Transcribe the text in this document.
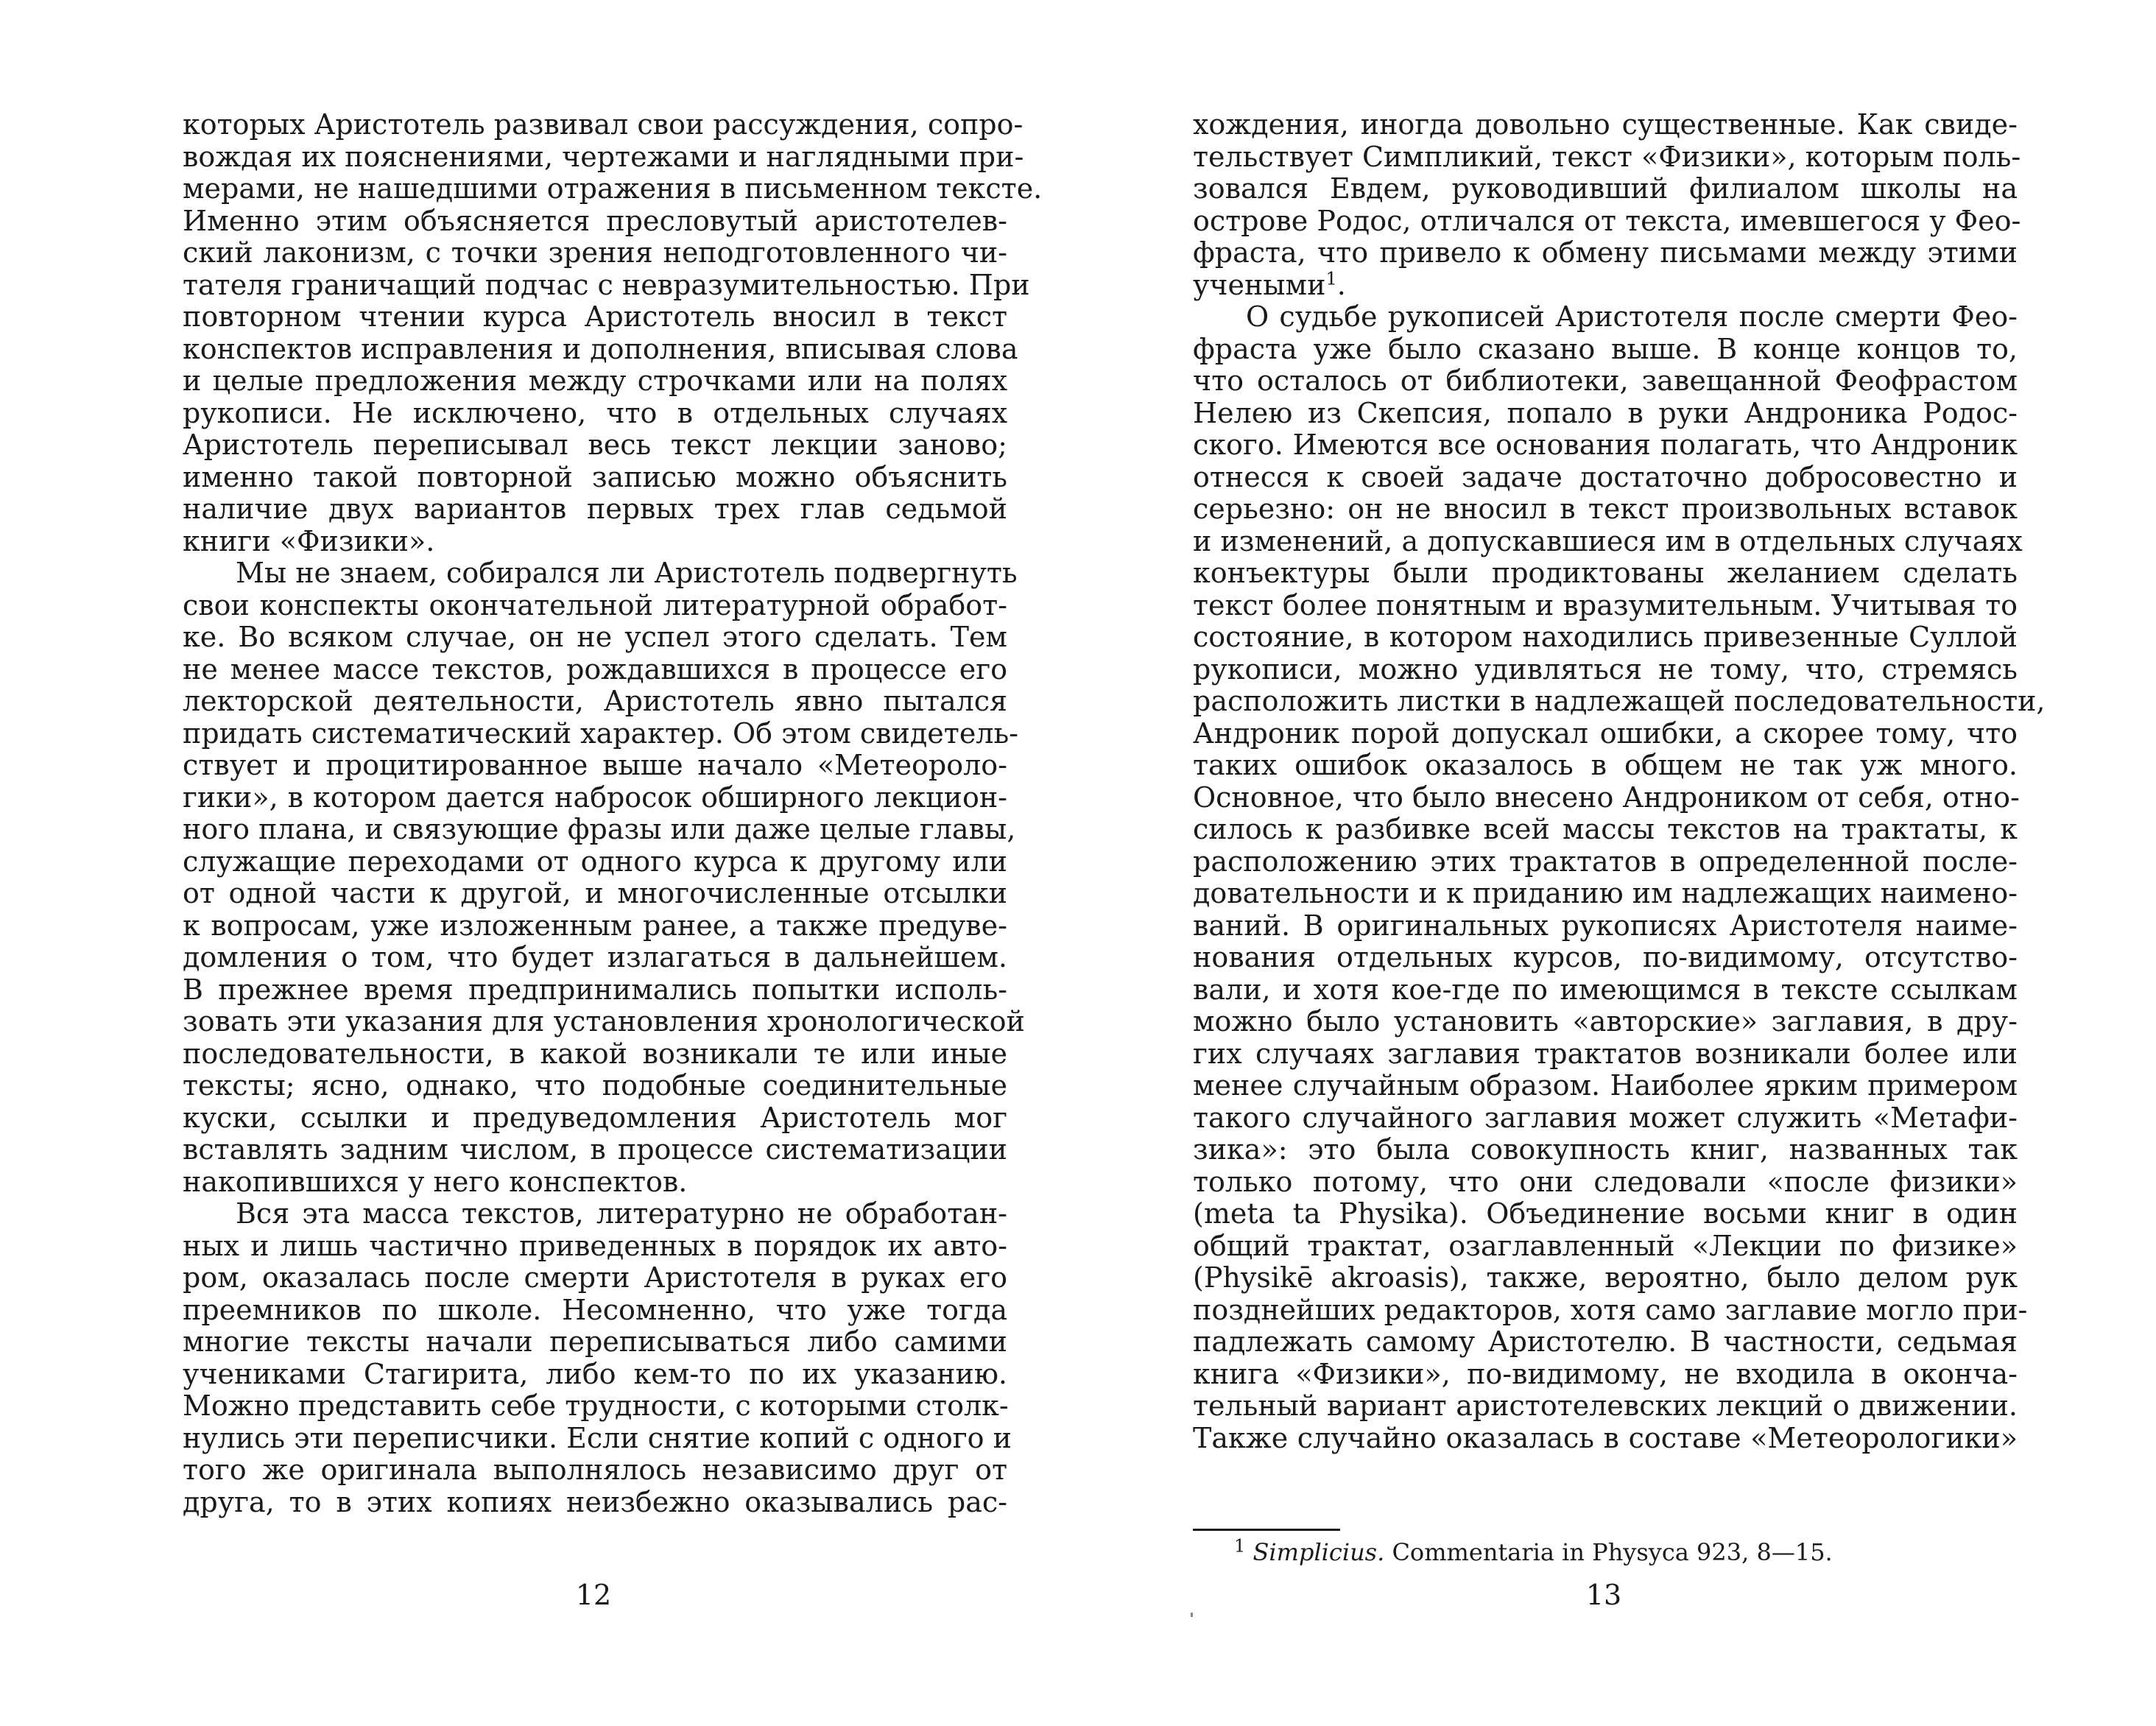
которых Аристотель развивал свои рассуждения, сопро-
вождая их пояснениями, чертежами и наглядными при-
мерами, не нашедшими отражения в письменном тексте.
Именно этим объясняется пресловутый аристотелев-
ский лаконизм, с точки зрения неподготовленного чи-
тателя граничащий подчас с невразумительностью. При
повторном чтении курса Аристотель вносил в текст
конспектов исправления и дополнения, вписывая слова
и целые предложения между строчками или на полях
рукописи. Не исключено, что в отдельных случаях
Аристотель переписывал весь текст лекции заново;
именно такой повторной записью можно объяснить
наличие двух вариантов первых трех глав седьмой
книги «Физики».

Мы не знаем, собирался ли Аристотель подвергнуть
свои конспекты окончательной литературной обработ-
ке. Во всяком случае, он не успел этого сделать. Тем
не менее массе текстов, рождавшихся в процессе его
лекторской деятельности, Аристотель явно пытался
придать систематический характер. Об этом свидетель-
ствует и процитированное выше начало «Метеороло-
гики», в котором дается набросок обширного лекцион-
ного плана, и связующие фразы или даже целые главы,
служащие переходами от одного курса к другому или
от одной части к другой, и многочисленные отсылки
к вопросам, уже изложенным ранее, а также предуве-
домления о том, что будет излагаться в дальнейшем.
В прежнее время предпринимались попытки исполь-
зовать эти указания для установления хронологической
последовательности, в какой возникали те или иные
тексты; ясно, однако, что подобные соединительные
куски, ссылки и предуведомления Аристотель мог
вставлять задним числом, в процессе систематизации
накопившихся у него конспектов.

Вся эта масса текстов, литературно не обработан-
ных и лишь частично приведенных в порядок их авто-
ром, оказалась после смерти Аристотеля в руках его
преемников по школе. Несомненно, что уже тогда
многие тексты начали переписываться либо самими
учениками Стагирита, либо кем-то по их указанию.
Можно представить себе трудности, с которыми столк-
нулись эти переписчики. Если снятие копий с одного и
того же оригинала выполнялось независимо друг от
друга, то в этих копиях неизбежно оказывались рас-

12

хождения, иногда довольно существенные. Как свиде-
тельствует Симпликий, текст «Физики», которым поль-
зовался Евдем, руководивший филиалом школы на
острове Родос, отличался от текста, имевшегося у Фео-
фраста, что привело к обмену письмами между этими
учеными$^1$.

О судьбе рукописей Аристотеля после смерти Фео-
фраста уже было сказано выше. В конце концов то,
что осталось от библиотеки, завещанной Феофрастом
Нелею из Скепсия, попало в руки Андроника Родос-
ского. Имеются все основания полагать, что Андроник
отнесся к своей задаче достаточно добросовестно и
серьезно: он не вносил в текст произвольных вставок
и изменений, а допускавшиеся им в отдельных случаях
конъектуры были продиктованы желанием сделать
текст более понятным и вразумительным. Учитывая то
состояние, в котором находились привезенные Суллой
рукописи, можно удивляться не тому, что, стремясь
расположить листки в надлежащей последовательности,
Андроник порой допускал ошибки, а скорее тому, что
таких ошибок оказалось в общем не так уж много.
Основное, что было внесено Андроником от себя, отно-
силось к разбивке всей массы текстов на трактаты, к
расположению этих трактатов в определенной после-
довательности и к приданию им надлежащих наимено-
ваний. В оригинальных рукописях Аристотеля наиме-
нования отдельных курсов, по-видимому, отсутство-
вали, и хотя кое-где по имеющимся в тексте ссылкам
можно было установить «авторские» заглавия, в дру-
гих случаях заглавия трактатов возникали более или
менее случайным образом. Наиболее ярким примером
такого случайного заглавия может служить «Метафи-
зика»: это была совокупность книг, названных так
только потому, что они следовали «после физики»
(meta ta Physika). Объединение восьми книг в один
общий трактат, озаглавленный «Лекции по физике»
(Physikē akroasis), также, вероятно, было делом рук
позднейших редакторов, хотя само заглавие могло при-
падлежать самому Аристотелю. В частности, седьмая
книга «Физики», по-видимому, не входила в оконча-
тельный вариант аристотелевских лекций о движении.
Также случайно оказалась в составе «Метеорологики»

$^1$ Simplicius. Commentaria in Physyca 923, 8—15.
13
